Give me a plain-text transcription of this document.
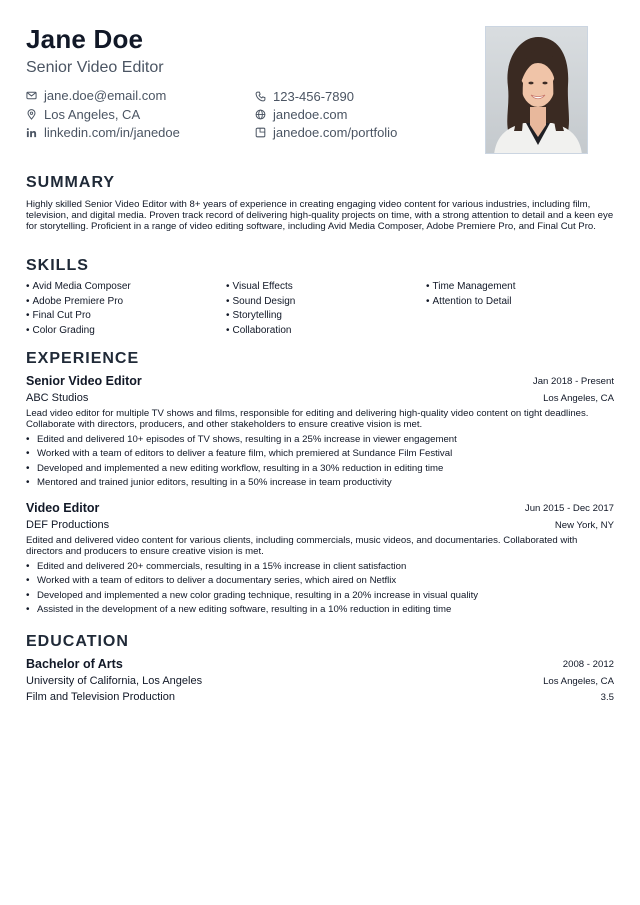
Jane Doe
Senior Video Editor
jane.doe@email.com
Los Angeles, CA
linkedin.com/in/janedoe
123-456-7890
janedoe.com
janedoe.com/portfolio
SUMMARY
Highly skilled Senior Video Editor with 8+ years of experience in creating engaging video content for various industries, including film, television, and digital media. Proven track record of delivering high-quality projects on time, with a strong attention to detail and a keen eye for storytelling. Proficient in a range of video editing software, including Avid Media Composer, Adobe Premiere Pro, and Final Cut Pro.
SKILLS
• Avid Media Composer
• Adobe Premiere Pro
• Final Cut Pro
• Color Grading
• Visual Effects
• Sound Design
• Storytelling
• Collaboration
• Time Management
• Attention to Detail
EXPERIENCE
Senior Video Editor	Jan 2018 - Present
ABC Studios	Los Angeles, CA
Lead video editor for multiple TV shows and films, responsible for editing and delivering high-quality video content on tight deadlines. Collaborate with directors, producers, and other stakeholders to ensure creative vision is met.
• Edited and delivered 10+ episodes of TV shows, resulting in a 25% increase in viewer engagement
• Worked with a team of editors to deliver a feature film, which premiered at Sundance Film Festival
• Developed and implemented a new editing workflow, resulting in a 30% reduction in editing time
• Mentored and trained junior editors, resulting in a 50% increase in team productivity
Video Editor	Jun 2015 - Dec 2017
DEF Productions	New York, NY
Edited and delivered video content for various clients, including commercials, music videos, and documentaries. Collaborated with directors and producers to ensure creative vision is met.
• Edited and delivered 20+ commercials, resulting in a 15% increase in client satisfaction
• Worked with a team of editors to deliver a documentary series, which aired on Netflix
• Developed and implemented a new color grading technique, resulting in a 20% increase in visual quality
• Assisted in the development of a new editing software, resulting in a 10% reduction in editing time
EDUCATION
Bachelor of Arts	2008 - 2012
University of California, Los Angeles	Los Angeles, CA
Film and Television Production	3.5
